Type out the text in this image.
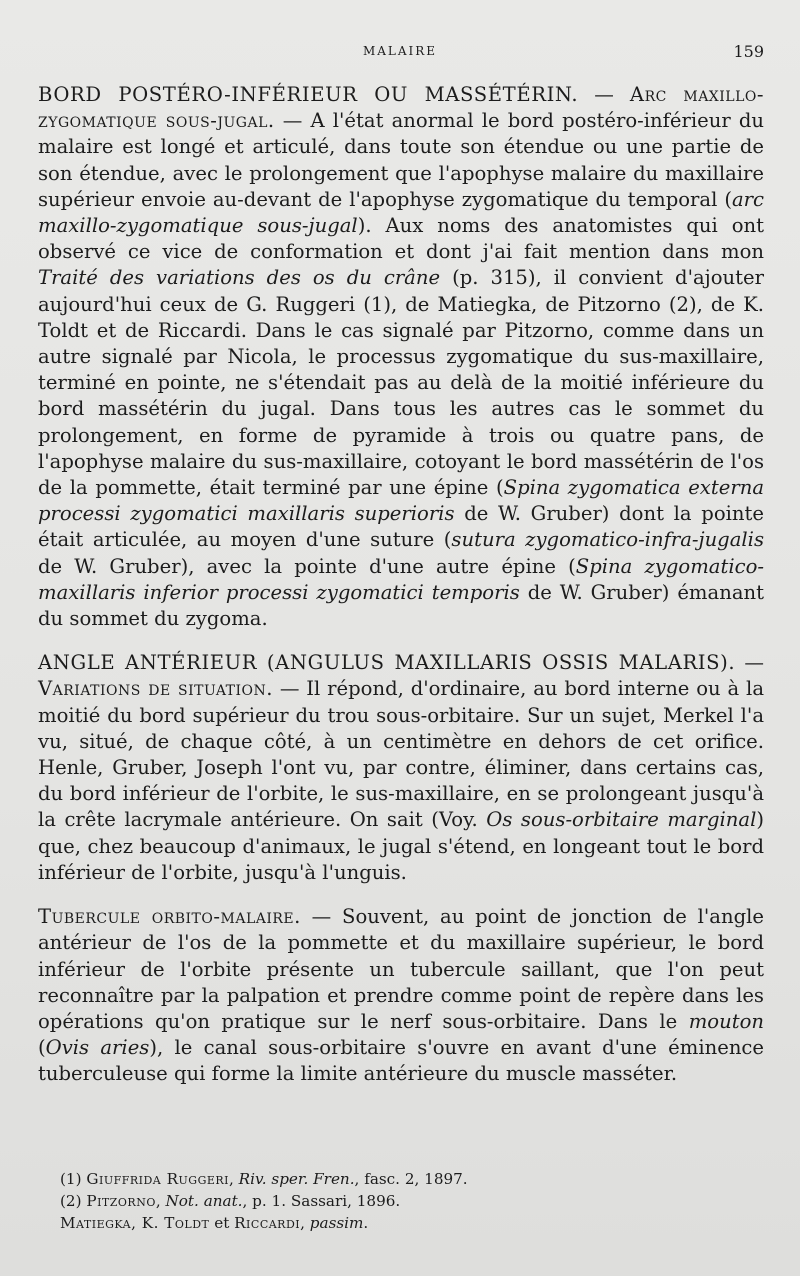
MALAIRE	159

BORD POSTÉRO-INFÉRIEUR OU MASSÉTÉRIN. — Arc maxillo-zygomatique sous-jugal. — A l'état anormal le bord postéro-inférieur du malaire est longé et articulé, dans toute son étendue ou une partie de son étendue, avec le prolongement que l'apophyse malaire du maxillaire supérieur envoie au-devant de l'apophyse zygomatique du temporal (arc maxillo-zygomatique sous-jugal). Aux noms des anatomistes qui ont observé ce vice de conformation et dont j'ai fait mention dans mon Traité des variations des os du crâne (p. 315), il convient d'ajouter aujourd'hui ceux de G. Ruggeri (1), de Matiegka, de Pitzorno (2), de K. Toldt et de Riccardi. Dans le cas signalé par Pitzorno, comme dans un autre signalé par Nicola, le processus zygomatique du sus-maxillaire, terminé en pointe, ne s'étendait pas au delà de la moitié inférieure du bord massétérin du jugal. Dans tous les autres cas le sommet du prolongement, en forme de pyramide à trois ou quatre pans, de l'apophyse malaire du sus-maxillaire, cotoyant le bord massétérin de l'os de la pommette, était terminé par une épine (Spina zygomatica externa processi zygomatici maxillaris superioris de W. Gruber) dont la pointe était articulée, au moyen d'une suture (sutura zygomatico-infra-jugalis de W. Gruber), avec la pointe d'une autre épine (Spina zygomatico-maxillaris inferior processi zygomatici temporis de W. Gruber) émanant du sommet du zygoma.

ANGLE ANTÉRIEUR (ANGULUS MAXILLARIS OSSIS MALARIS). — Variations de situation. — Il répond, d'ordinaire, au bord interne ou à la moitié du bord supérieur du trou sous-orbitaire. Sur un sujet, Merkel l'a vu, situé, de chaque côté, à un centimètre en dehors de cet orifice. Henle, Gruber, Joseph l'ont vu, par contre, éliminer, dans certains cas, du bord inférieur de l'orbite, le sus-maxillaire, en se prolongeant jusqu'à la crête lacrymale antérieure. On sait (Voy. Os sous-orbitaire marginal) que, chez beaucoup d'animaux, le jugal s'étend, en longeant tout le bord inférieur de l'orbite, jusqu'à l'unguis.

Tubercule orbito-malaire. — Souvent, au point de jonction de l'angle antérieur de l'os de la pommette et du maxillaire supérieur, le bord inférieur de l'orbite présente un tubercule saillant, que l'on peut reconnaître par la palpation et prendre comme point de repère dans les opérations qu'on pratique sur le nerf sous-orbitaire. Dans le mouton (Ovis aries), le canal sous-orbitaire s'ouvre en avant d'une éminence tuberculeuse qui forme la limite antérieure du muscle masséter.

(1) Giuffrida Ruggeri, Riv. sper. Fren., fasc. 2, 1897.

(2) Pitzorno, Not. anat., p. 1. Sassari, 1896.

Matiegka, K. Toldt et Riccardi, passim.
